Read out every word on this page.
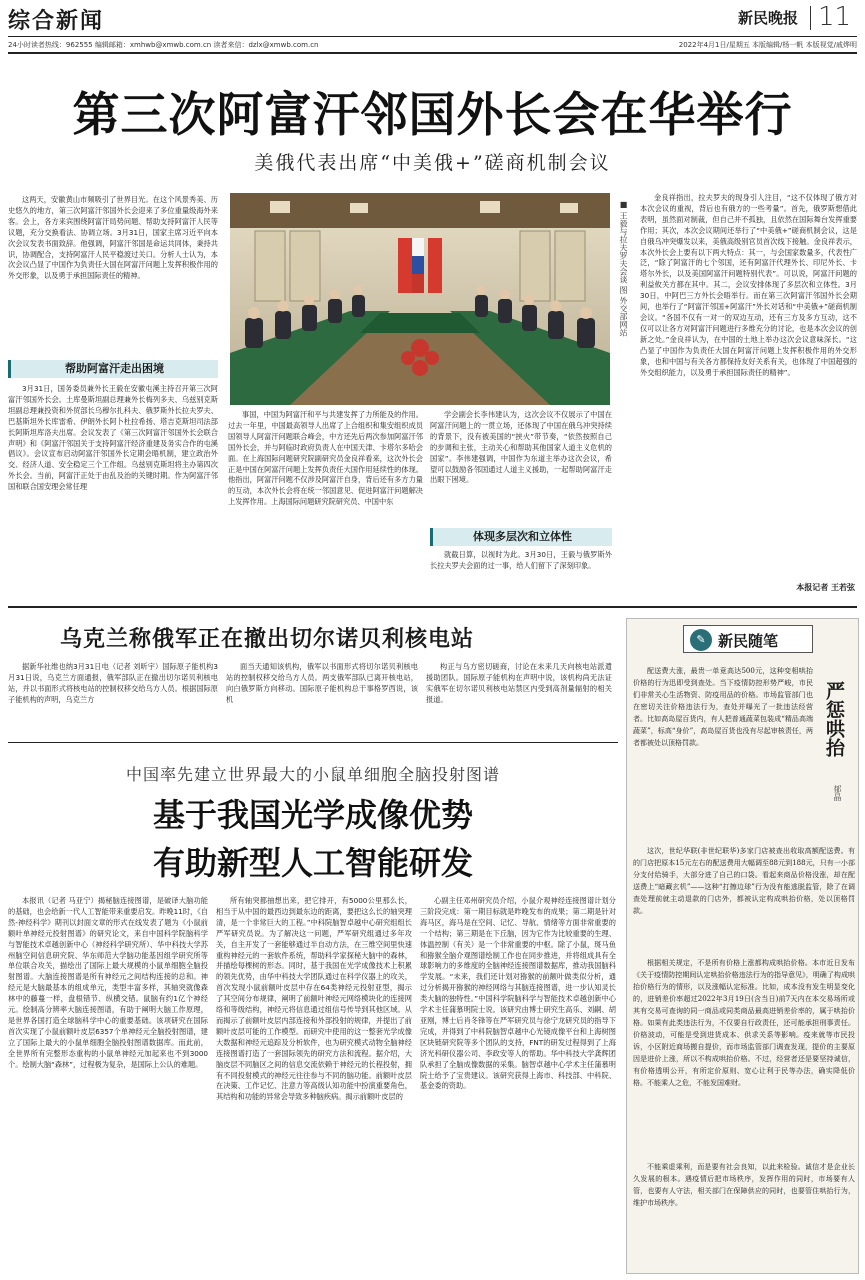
综合新闻	新民晚报 11
24小时读者热线：962555 编辑邮箱：xmhwb@xmwb.com.cn 读者来信：dzlx@xmwb.com.cn	2022年4月1日/星期五 本版编辑/杨一帆 本版视觉/戚烨明
第三次阿富汗邻国外长会在华举行
美俄代表出席“中美俄+”磋商机制会议
■ 王毅与拉夫罗夫会谈 图 外交部网站

这两天，安徽黄山市频吸引了世界目光。在这个风景秀美、历史悠久的地方，第三次阿富汗邻国外长会迎来了多位重量级海外来客。会上，各方来宾围绕阿富汗局势问题、帮助支持阿富汗人民等议题，充分交换看法、协调立场。3月31日，国家主席习近平向本次会议发表书面致辞。他强调，阿富汗邻国是命运共同体，秉持共识，协调配合，支持阿富汗人民平稳渡过关口。分析人士认为，本次会议凸显了中国作为负责任大国在阿富汗问题上发挥积极作用的外交形象，以及勇于承担国际责任的精神。

帮助阿富汗走出困境

3月31日，国务委员兼外长王毅在安徽屯溪主持召开第三次阿富汗邻国外长会。土库曼斯坦副总理兼外长梅列多夫、乌兹别克斯坦副总理兼投资和外贸部长乌穆尔扎科夫、俄罗斯外长拉夫罗夫、巴基斯坦外长库雷希、伊朗外长阿卜杜拉希扬、塔吉克斯坦司法部长阿斯坦库洛夫出席。会议发表了《第三次阿富汗邻国外长会联合声明》和《阿富汗邻国关于支持阿富汗经济重建及务实合作的屯溪倡议》。会议宣布启动阿富汗邻国外长定期会晤机制，建立政治外交、经济人道、安全稳定三个工作组。乌兹别克斯坦将主办第四次外长会。当前，阿富汗正处于由乱及治的关键时期。作为阿富汗邻国和联合国安理会常任理

事国，中国为阿富汗和平与共建发挥了力所能及的作用。过去一年里，中国最高领导人出席了上合组织和集安组织成员国领导人阿富汗问题联合峰会，中方还先后两次参加阿富汗邻国外长会，并与阿临时政府负责人在中国天津、卡塔尔多哈会面。在上海国际问题研究院副研究员金良祥看来，这次外长会正是中国在阿富汗问题上发挥负责任大国作用延续性的体现。他指出，阿富汗问题不仅涉及阿富汗自身，背后还有多方力量的互动，本次外长会将在统一邻国意见、促进阿富汗问题解决上发挥作用。上海国际问题研究院研究员、中国中东

学会副会长李伟建认为，这次会议不仅展示了中国在阿富汗问题上的一贯立场，还体现了中国在俄乌冲突持续的背景下，没有被美国的“挟火”带节奏，“依然按照自己的步调和主张，主动关心和帮助其他国家人道主义危机的国家”。李伟建强调，中国作为东道主举办这次会议，希望可以鼓励各邻国通过人道主义援助，一起帮助阿富汗走出眼下困境。

体现多层次和立体性

就截日算，以视时为此。3月30日，王毅与俄罗斯外长拉夫罗夫会面的过一事，给人们留下了深刻印象。

金良祥指出，拉夫罗夫的现身引人注目，“这不仅体现了俄方对本次会议的重视，背后也有俄方的一些考量”。首先，俄罗斯想借此表明，虽然面对制裁，但自己并不孤独，且依然在国际舞台发挥重要作用；其次，本次会议期间还举行了“中美俄+”磋商机制会议，这是自俄乌冲突爆发以来，美俄高级别官员首次线下接触。金良祥表示，本次外长会上要有以下两大特点：其一，与会国家数量多，代表性广泛，“除了阿富汗的七个邻国，还有阿富汗代理外长、印尼外长、卡塔尔外长，以及美国阿富汗问题特别代表”。可以说，阿富汗问题的利益攸关方都在其中。其二，会议安排体现了多层次和立体性。3月30日，中阿巴三方外长会晤举行。而在第三次阿富汗邻国外长会期间，也举行了“阿富汗邻国+阿富汗”外长对话和“中美俄+”磋商机制会议。“各国不仅有一对一的双边互动，还有三方及多方互动，这不仅可以让各方对阿富汗问题进行多维充分的讨论，也是本次会议的创新之处。”金良祥认为，在中国的土地上举办这次会议意味深长。“这凸显了中国作为负责任大国在阿富汗问题上发挥积极作用的外交形象，也和中国与有关各方都保持友好关系有关，也体现了中国超强的外交组织能力，以及勇于承担国际责任的精神”。

本报记者 王若弦
乌克兰称俄军正在撤出切尔诺贝利核电站

据新华社维也纳3月31日电（记者 刘昕宇）国际原子能机构3月31日说，乌克兰方面通报，俄军部队正在撤出切尔诺贝利核电站，并以书面形式将核电站的控制权移交给乌方人员。根据国际原子能机构的声明，乌克兰方

面当天通知该机构，俄军以书面形式将切尔诺贝利核电站的控制权移交给乌方人员。两支俄军部队已离开核电站，向白俄罗斯方向移动。国际原子能机构总干事格罗西说，该机

构正与乌方密切磋商，讨论在未来几天向核电站派遣援助团队。国际原子能机构在声明中说，该机构尚无法证实俄军在切尔诺贝利核电站禁区内受到高剂量辐射的相关报道。

中国率先建立世界最大的小鼠单细胞全脑投射图谱
基于我国光学成像优势
有助新型人工智能研发

本报讯（记者 马亚宁）揭秘脑连接图谱，是破译大脑功能的基础，也会给新一代人工智能带来重要启发。昨晚11时，《自然-神经科学》期刊以封面文章的形式在线发表了题为《小鼠前额叶单神经元投射图谱》的研究论文，来自中国科学院脑科学与智能技术卓越创新中心（神经科学研究所）、华中科技大学苏州脑空间信息研究院、华东师范大学脑功能基因组学研究所等单位联合攻关，描绘出了国际上最大规模的小鼠单细胞全脑投射图谱。大脑连接图谱是所有神经元之间结构连接的总和。神经元是大脑最基本的组成单元，类型丰富多样，其轴突就像森林中的藤蔓一样，盘根错节、纵横交错。鼠脑有约1亿个神经元。绘制高分辨率大脑连接图谱，有助于阐明大脑工作原理，是世界各国打造全球脑科学中心的重要基础。该项研究在国际首次实现了小鼠前额叶皮层6357个单神经元全脑投射图谱，建立了国际上最大的小鼠单细胞全脑投射图谱数据库。而此前，全世界所有完整形态重构的小鼠单神经元加起来也不到3000个。绘制大脑“森林”，过程极为复杂，是国际上公认的难题。

所有轴突都抽想出来，把它排开，有5000公里那么长，相当于从中国的最西边到最东边的距离，要把这么长的轴突理清，是一个非常巨大的工程。”中科院脑智卓越中心研究组组长严军研究员说。为了解决这一问题，严军研究组通过多年攻关，自主开发了一套能够通过半自动方法，在三维空间里快速重构神经元的一套软件系统，帮助科学家探秘大脑中的森林，并描绘每棵树的形态。同时，基于我国在光学成像技术上积累的领先优势，由华中科技大学团队通过在科学仪器上的攻关，首次发现小鼠前额叶皮层中存在64类神经元投射亚型，揭示了其空间分布规律，阐明了前额叶神经元网络模块化的连接网络和等级结构，神经元将信息通过组信号传导到其他区域。从而揭示了前额叶皮层内部连接和外部投射的规律，并提出了前额叶皮层可能的工作模型。而研究中使用的这一整套光学成像大数据和神经元追踪及分析软件，也为研究模式动物全脑神经连接图谱打造了一套国际领先的研究方法和流程。据介绍，大脑皮层不同脑区之间的信息交流依赖于神经元的长程投射，拥有不同投射模式的神经元往往参与不同的脑功能。前额叶皮层在决策、工作记忆、注意力等高级认知功能中扮演重要角色，其结构和功能的异常会导致多种脑疾病。揭示前额叶皮层的

心副主任邓州研究员介绍，小鼠介观神经连接图谱计划分三阶段完成：第一期目标就是昨晚发布的成果；第二期是针对海马区，海马是在空间、记忆、导航、情绪等方面非常重要的一个结构；第三期是在下丘脑，因为它作为比较重要的生理、体温控制（有关）是一个非常重要的中枢。除了小鼠，斑马鱼和猕猴全脑介观图谱绘制工作也在同步推进，并将组成具有全球影响力的多维度的全脑神经连接图谱数据库，推动我国脑科学发展。“未来，我们还计划对猕猴的前额叶做类似分析，通过分析揭开猕猴的神经网络与其脑连接图谱，进一步认知灵长类大脑的独特性。”中国科学院脑科学与智能技术卓越创新中心学术主任蒲慕明院士说。该研究由博士研究生高乐、刘嗣、胡亚刚，博士后肖冬锋等在严军研究员与徐宁龙研究员的指导下完成，并得到了中科院脑智卓越中心光镜成像平台和上海树图区块链研究院等多个团队的支持，FNT的研发过程得到了上海济光科研仪器公司、李政安等人的帮助。华中科技大学龚辉团队承担了全脑成像数据的采集。脑智卓越中心学术主任蒲慕明院士给予了宝贵建议。该研究获得上海市、科技部、中科院、基金委的资助。

✎ 新民随笔
严惩哄抬
郁晶

配送费大涨，最贵一单竟高达500元，这种变相哄抬价格的行为迅即受到查处。当下疫情防控形势严峻，市民们非常关心生活物资、防疫用品的价格。市场监管部门也在密切关注价格违法行为，查处并曝光了一批违法经营者。比如高岛屋百货内，有人把普通蔬菜包装成“精品高端蔬菜”，标高“身价”，高岛屋百货也没有尽起审核责任，两者都被处以顶格罚款。

这次，世纪华联(非世纪联华)多家门店被查出收取高额配送费。有的门店把原本15元左右的配送费用大幅调至88元到188元，只有一小部分支付给骑手，大部分进了自己的口袋。看起来商品价格没涨，却在配送费上“暗藏玄机”——这种“打擦边球”行为没有能逃脱监管，除了在调查处理前就主动退款的门店外，都被认定构成哄抬价格，处以顶格罚款。

根据相关规定，不是所有价格上涨都构成哄抬价格。本市近日发布《关于疫情防控期间认定哄抬价格违法行为的指导意见》，明确了构成哄抬价格行为的情形，以及涨幅认定标准。比如，成本没有发生明显变化的，进销差价率超过2022年3月19日(含当日)前7天内在本交易场所或其有交易可查询的同一商品或同类商品最高进销差价率的，属于哄抬价格。如果有此类违法行为，不仅要自行政责任，还可能承担刑事责任。价格波动，可能是受到进货成本、供求关系等影响。疫来就等市民投诉，小区附近商场搬自提价，而市场监管部门调查发现，提价的主要原因是进价上涨，所以不构成哄抬价格。不过，经营者还是要坚持诚信，有价格透明公开，有所定价原则、宽心让利于民等办法，确实降低价格。不能乘人之危，不能发国难财。

不能乘虚乘利，而是要有社会良知，以此来检验。诚信才是企业长久发展的根本。遇疫情后把市场秩序，发挥作用的同时，市场要有人管，也要有人守法，相关部门在保障供应的同时，也要管住哄抬行为，维护市场秩序。
